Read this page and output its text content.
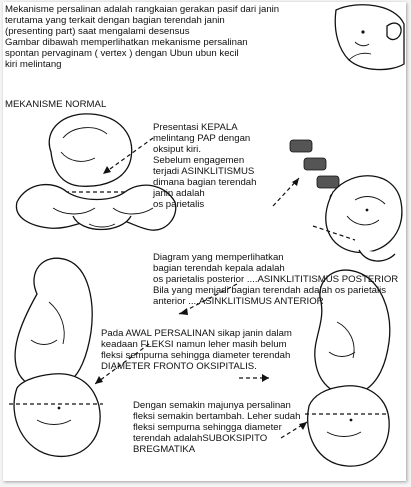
Mekanisme persalinan adalah rangkaian gerakan pasif dari janin
terutama yang terkait dengan bagian terendah janin
(presenting part) saat mengalami desensus
Gambar dibawah memperlihatkan mekanisme persalinan
spontan pervaginam ( vertex ) dengan Ubun ubun kecil
kiri melintang
MEKANISME NORMAL
Presentasi KEPALA
melintang PAP dengan
oksiput kiri.
Sebelum engagemen
terjadi ASINKLITISMUS
dimana bagian terendah
janin adalah
os parietalis
Diagram yang memperlihatkan
bagian terendah kepala adalah
os parietalis posterior ....ASINKLITITISMUS POSTERIOR
Bila yang menjadi bagian terendah adalah os parietalis
anterior ....ASINKLITISMUS ANTERIOR
Pada AWAL PERSALINAN sikap janin dalam
keadaan FLEKSI namun leher masih belum
fleksi sempurna sehingga diameter terendah
DIAMETER FRONTO OKSIPITALIS.
Dengan semakin majunya persalinan
fleksi semakin bertambah. Leher sudah
fleksi sempurna sehingga diameter
terendah adalahSUBOKSIPITO
BREGMATIKA
